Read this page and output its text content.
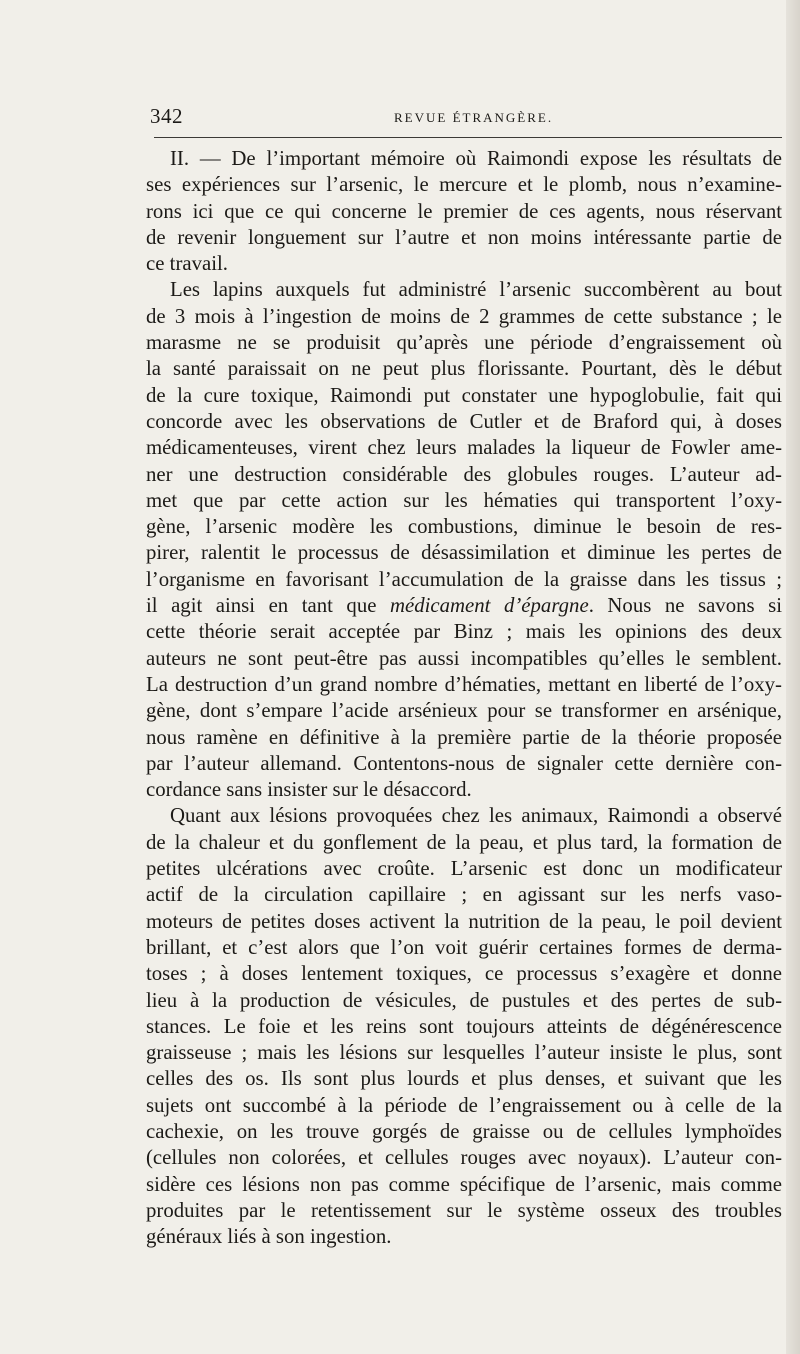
342	REVUE ÉTRANGÈRE.
II. — De l’important mémoire où Raimondi expose les résultats de
ses expériences sur l’arsenic, le mercure et le plomb, nous n’examine-
rons ici que ce qui concerne le premier de ces agents, nous réservant
de revenir longuement sur l’autre et non moins intéressante partie de
ce travail.
Les lapins auxquels fut administré l’arsenic succombèrent au bout
de 3 mois à l’ingestion de moins de 2 grammes de cette substance ; le
marasme ne se produisit qu’après une période d’engraissement où
la santé paraissait on ne peut plus florissante. Pourtant, dès le début
de la cure toxique, Raimondi put constater une hypoglobulie, fait qui
concorde avec les observations de Cutler et de Braford qui, à doses
médicamenteuses, virent chez leurs malades la liqueur de Fowler ame-
ner une destruction considérable des globules rouges. L’auteur ad-
met que par cette action sur les hématies qui transportent l’oxy-
gène, l’arsenic modère les combustions, diminue le besoin de res-
pirer, ralentit le processus de désassimilation et diminue les pertes de
l’organisme en favorisant l’accumulation de la graisse dans les tissus ;
il agit ainsi en tant que médicament d’épargne. Nous ne savons si
cette théorie serait acceptée par Binz ; mais les opinions des deux
auteurs ne sont peut-être pas aussi incompatibles qu’elles le semblent.
La destruction d’un grand nombre d’hématies, mettant en liberté de l’oxy-
gène, dont s’empare l’acide arsénieux pour se transformer en arsénique,
nous ramène en définitive à la première partie de la théorie proposée
par l’auteur allemand. Contentons-nous de signaler cette dernière con-
cordance sans insister sur le désaccord.
Quant aux lésions provoquées chez les animaux, Raimondi a observé
de la chaleur et du gonflement de la peau, et plus tard, la formation de
petites ulcérations avec croûte. L’arsenic est donc un modificateur
actif de la circulation capillaire ; en agissant sur les nerfs vaso-
moteurs de petites doses activent la nutrition de la peau, le poil devient
brillant, et c’est alors que l’on voit guérir certaines formes de derma-
toses ; à doses lentement toxiques, ce processus s’exagère et donne
lieu à la production de vésicules, de pustules et des pertes de sub-
stances. Le foie et les reins sont toujours atteints de dégénérescence
graisseuse ; mais les lésions sur lesquelles l’auteur insiste le plus, sont
celles des os. Ils sont plus lourds et plus denses, et suivant que les
sujets ont succombé à la période de l’engraissement ou à celle de la
cachexie, on les trouve gorgés de graisse ou de cellules lymphoïdes
(cellules non colorées, et cellules rouges avec noyaux). L’auteur con-
sidère ces lésions non pas comme spécifique de l’arsenic, mais comme
produites par le retentissement sur le système osseux des troubles
généraux liés à son ingestion.
